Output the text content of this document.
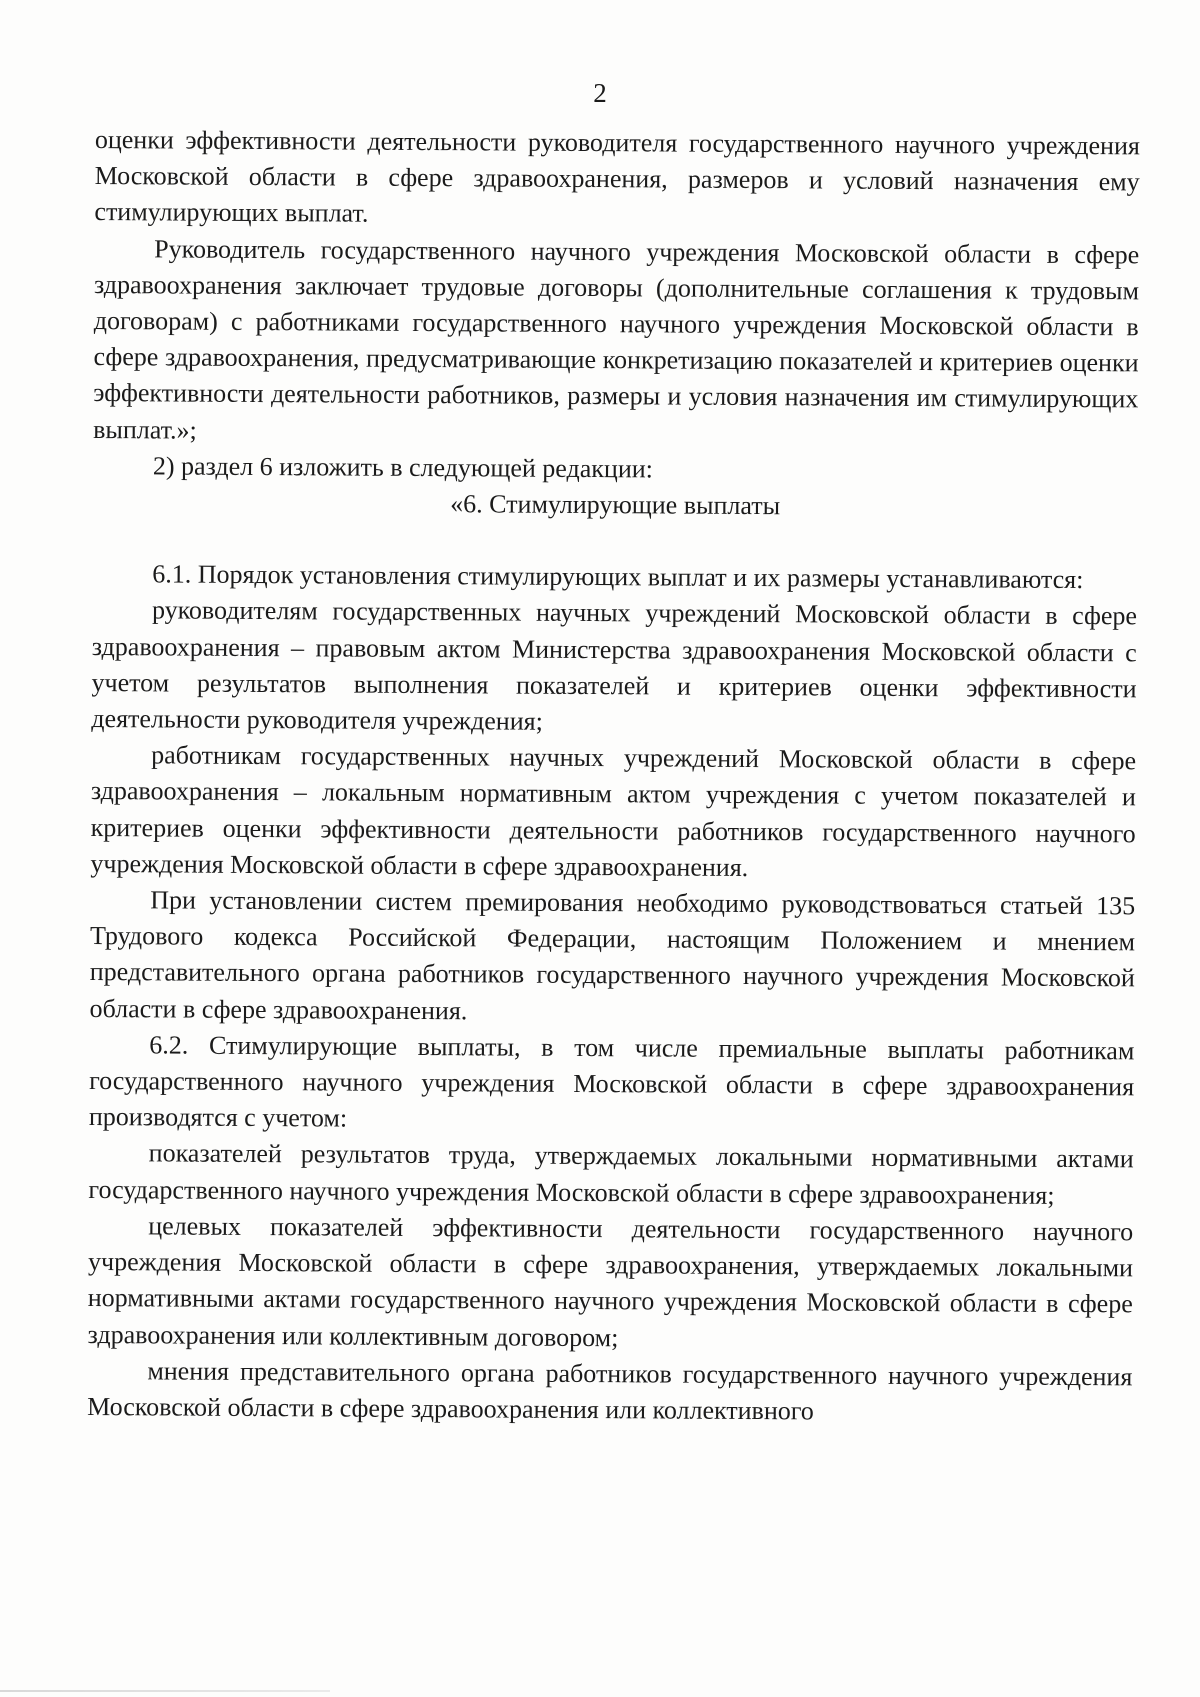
2

оценки эффективности деятельности руководителя государственного научного учреждения Московской области в сфере здравоохранения, размеров и условий назначения ему стимулирующих выплат.

Руководитель государственного научного учреждения Московской области в сфере здравоохранения заключает трудовые договоры (дополнительные соглашения к трудовым договорам) с работниками государственного научного учреждения Московской области в сфере здравоохранения, предусматривающие конкретизацию показателей и критериев оценки эффективности деятельности работников, размеры и условия назначения им стимулирующих выплат.»;

2) раздел 6 изложить в следующей редакции:

«6. Стимулирующие выплаты

6.1. Порядок установления стимулирующих выплат и их размеры устанавливаются:

руководителям государственных научных учреждений Московской области в сфере здравоохранения – правовым актом Министерства здравоохранения Московской области с учетом результатов выполнения показателей и критериев оценки эффективности деятельности руководителя учреждения;

работникам государственных научных учреждений Московской области в сфере здравоохранения – локальным нормативным актом учреждения с учетом показателей и критериев оценки эффективности деятельности работников государственного научного учреждения Московской области в сфере здравоохранения.

При установлении систем премирования необходимо руководствоваться статьей 135 Трудового кодекса Российской Федерации, настоящим Положением и мнением представительного органа работников государственного научного учреждения Московской области в сфере здравоохранения.

6.2. Стимулирующие выплаты, в том числе премиальные выплаты работникам государственного научного учреждения Московской области в сфере здравоохранения производятся с учетом:

показателей результатов труда, утверждаемых локальными нормативными актами государственного научного учреждения Московской области в сфере здравоохранения;

целевых показателей эффективности деятельности государственного научного учреждения Московской области в сфере здравоохранения, утверждаемых локальными нормативными актами государственного научного учреждения Московской области в сфере здравоохранения или коллективным договором;

мнения представительного органа работников государственного научного учреждения Московской области в сфере здравоохранения или коллективного
